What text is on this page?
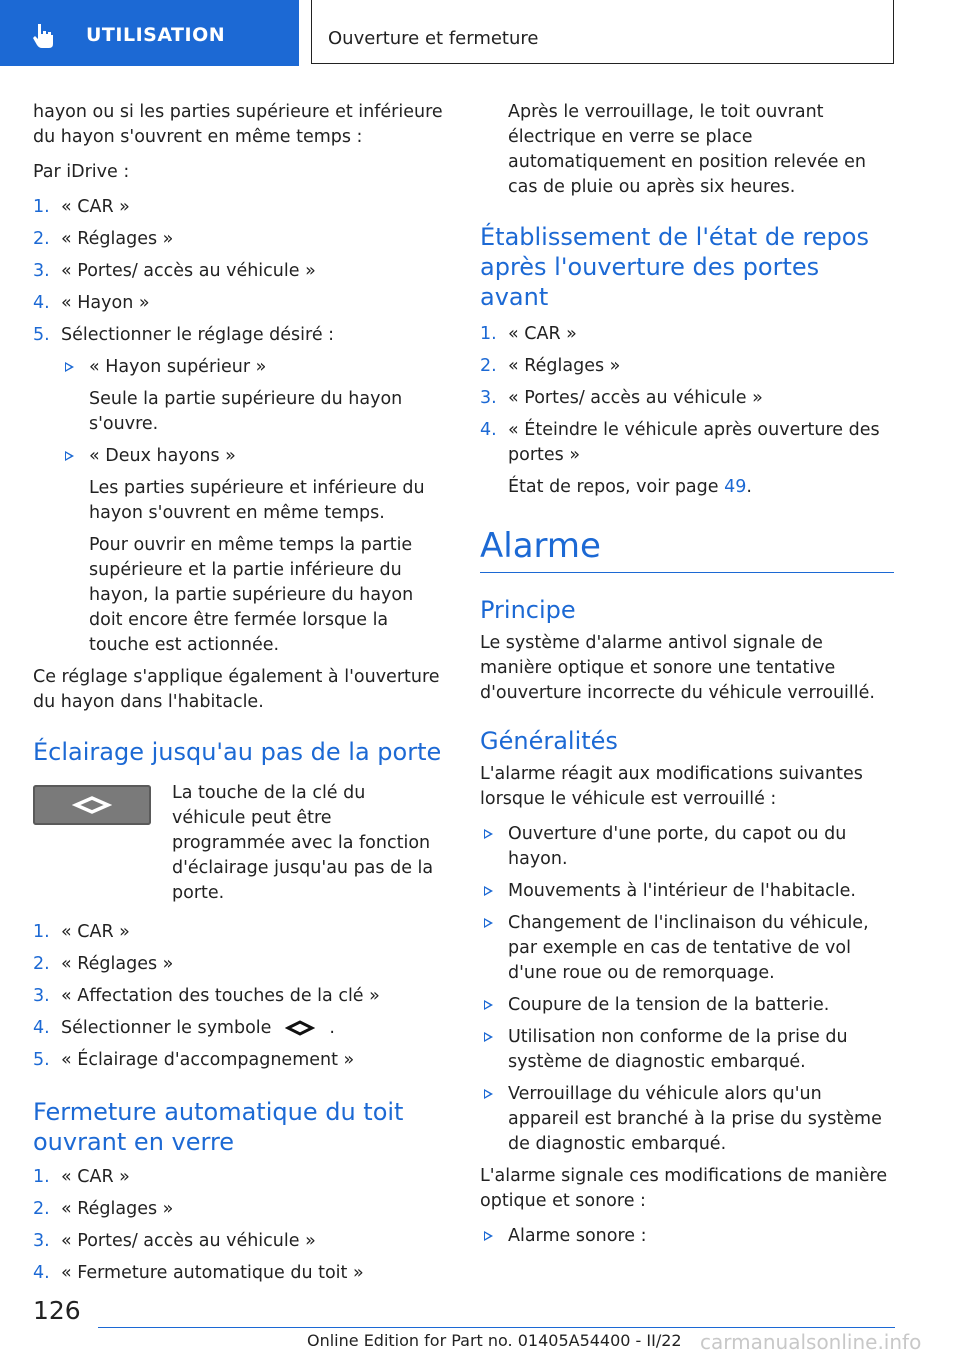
UTILISATION	Ouverture et fermeture

hayon ou si les parties supérieure et inférieure du hayon s'ouvrent en même temps :

Par iDrive :

1. « CAR »
2. « Réglages »
3. « Portes/ accès au véhicule »
4. « Hayon »
5. Sélectionner le réglage désiré :
« Hayon supérieur »
Seule la partie supérieure du hayon s'ouvre.
« Deux hayons »
Les parties supérieure et inférieure du hayon s'ouvrent en même temps.
Pour ouvrir en même temps la partie supérieure et la partie inférieure du hayon, la partie supérieure du hayon doit encore être fermée lorsque la touche est actionnée.

Ce réglage s'applique également à l'ouverture du hayon dans l'habitacle.

Éclairage jusqu'au pas de la porte
La touche de la clé du véhicule peut être programmée avec la fonction d'éclairage jusqu'au pas de la porte.
1. « CAR »
2. « Réglages »
3. « Affectation des touches de la clé »
4. Sélectionner le symbole	.
5. « Éclairage d'accompagnement »
Fermeture automatique du toit ouvrant en verre
1. « CAR »
2. « Réglages »
3. « Portes/ accès au véhicule »
4. « Fermeture automatique du toit »

Après le verrouillage, le toit ouvrant électrique en verre se place automatiquement en position relevée en cas de pluie ou après six heures.

Établissement de l'état de repos après l'ouverture des portes avant
1. « CAR »
2. « Réglages »
3. « Portes/ accès au véhicule »
4. « Éteindre le véhicule après ouverture des portes »
État de repos, voir page 49.
Alarme
Principe

Le système d'alarme antivol signale de manière optique et sonore une tentative d'ouverture incorrecte du véhicule verrouillé.

Généralités

L'alarme réagit aux modifications suivantes lorsque le véhicule est verrouillé :

Ouverture d'une porte, du capot ou du hayon.
Mouvements à l'intérieur de l'habitacle.
Changement de l'inclinaison du véhicule, par exemple en cas de tentative de vol d'une roue ou de remorquage.
Coupure de la tension de la batterie.
Utilisation non conforme de la prise du système de diagnostic embarqué.
Verrouillage du véhicule alors qu'un appareil est branché à la prise du système de diagnostic embarqué.

L'alarme signale ces modifications de manière optique et sonore :

Alarme sonore :
126
Online Edition for Part no. 01405A54400 - II/22 carmanualsonline.info
